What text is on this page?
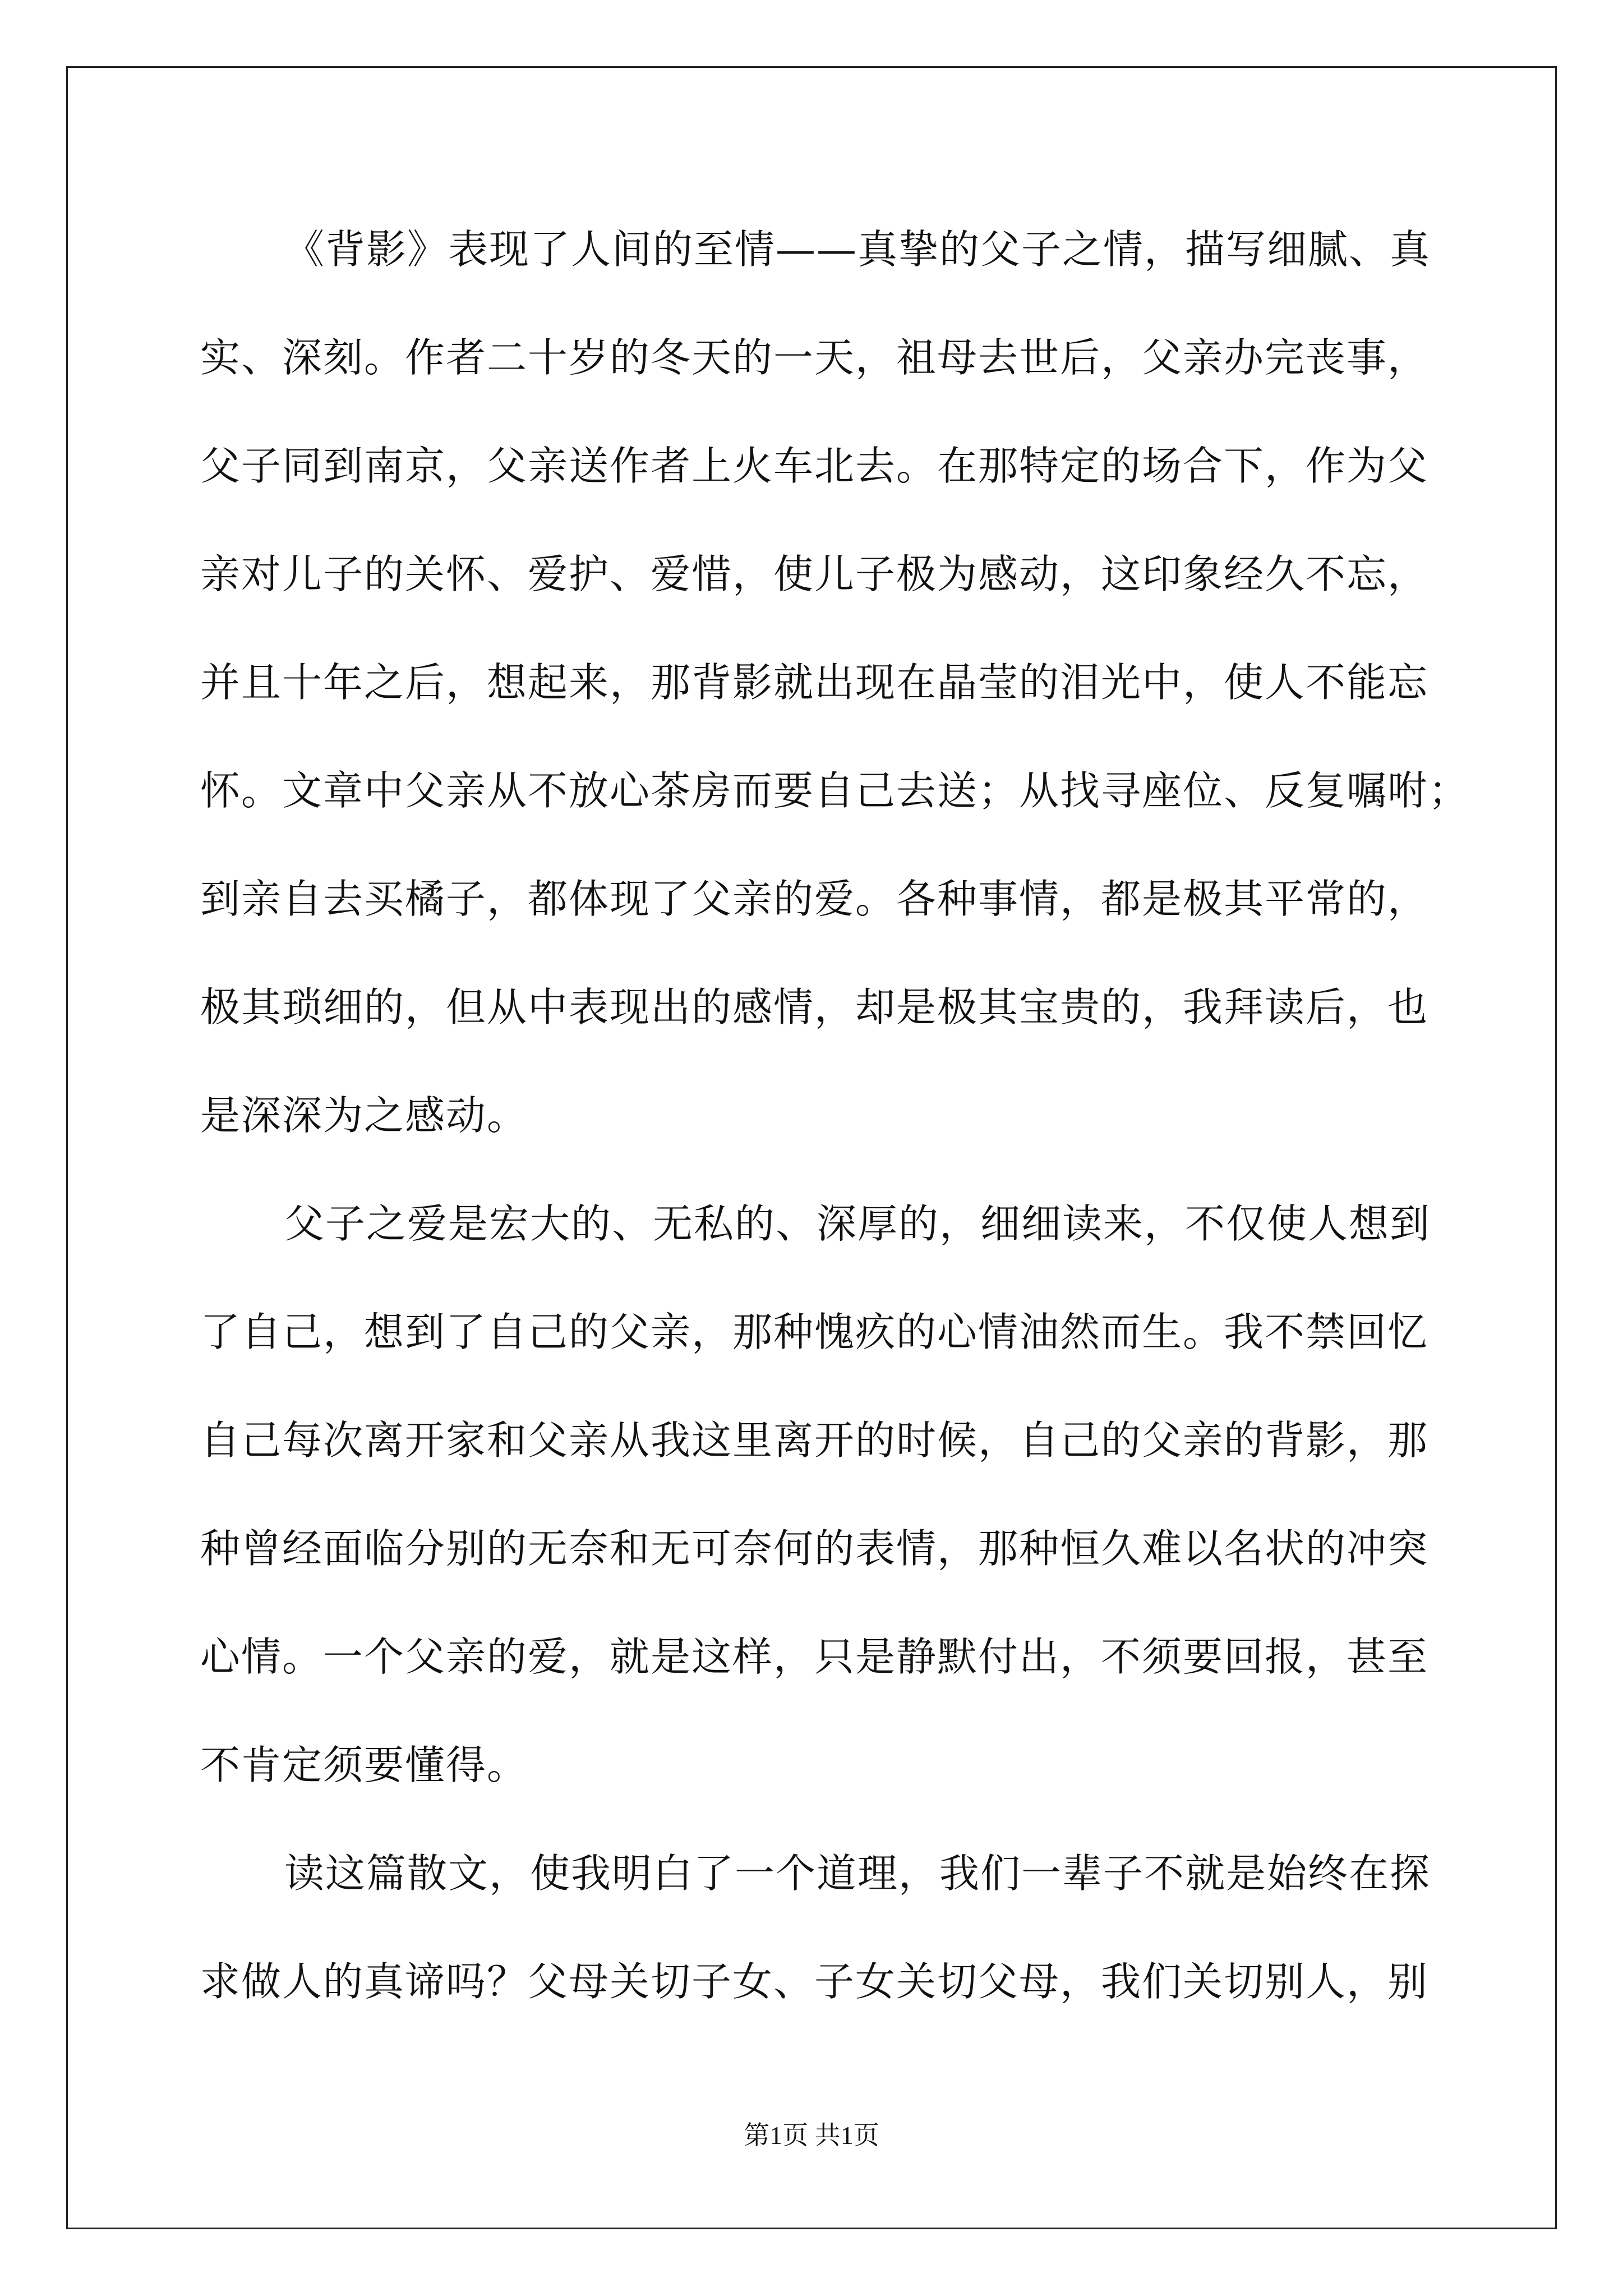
《背影》表现了人间的至情——真挚的父子之情，描写细腻、真
实、深刻。作者二十岁的冬天的一天，祖母去世后，父亲办完丧事，
父子同到南京，父亲送作者上火车北去。在那特定的场合下，作为父
亲对儿子的关怀、爱护、爱惜，使儿子极为感动，这印象经久不忘，
并且十年之后，想起来，那背影就出现在晶莹的泪光中，使人不能忘
怀。文章中父亲从不放心茶房而要自己去送；从找寻座位、反复嘱咐；
到亲自去买橘子，都体现了父亲的爱。各种事情，都是极其平常的，
极其琐细的，但从中表现出的感情，却是极其宝贵的，我拜读后，也
是深深为之感动。
父子之爱是宏大的、无私的、深厚的，细细读来，不仅使人想到
了自己，想到了自己的父亲，那种愧疚的心情油然而生。我不禁回忆
自己每次离开家和父亲从我这里离开的时候，自己的父亲的背影，那
种曾经面临分别的无奈和无可奈何的表情，那种恒久难以名状的冲突
心情。一个父亲的爱，就是这样，只是静默付出，不须要回报，甚至
不肯定须要懂得。
读这篇散文，使我明白了一个道理，我们一辈子不就是始终在探
求做人的真谛吗？父母关切子女、子女关切父母，我们关切别人，别
第1页 共1页
